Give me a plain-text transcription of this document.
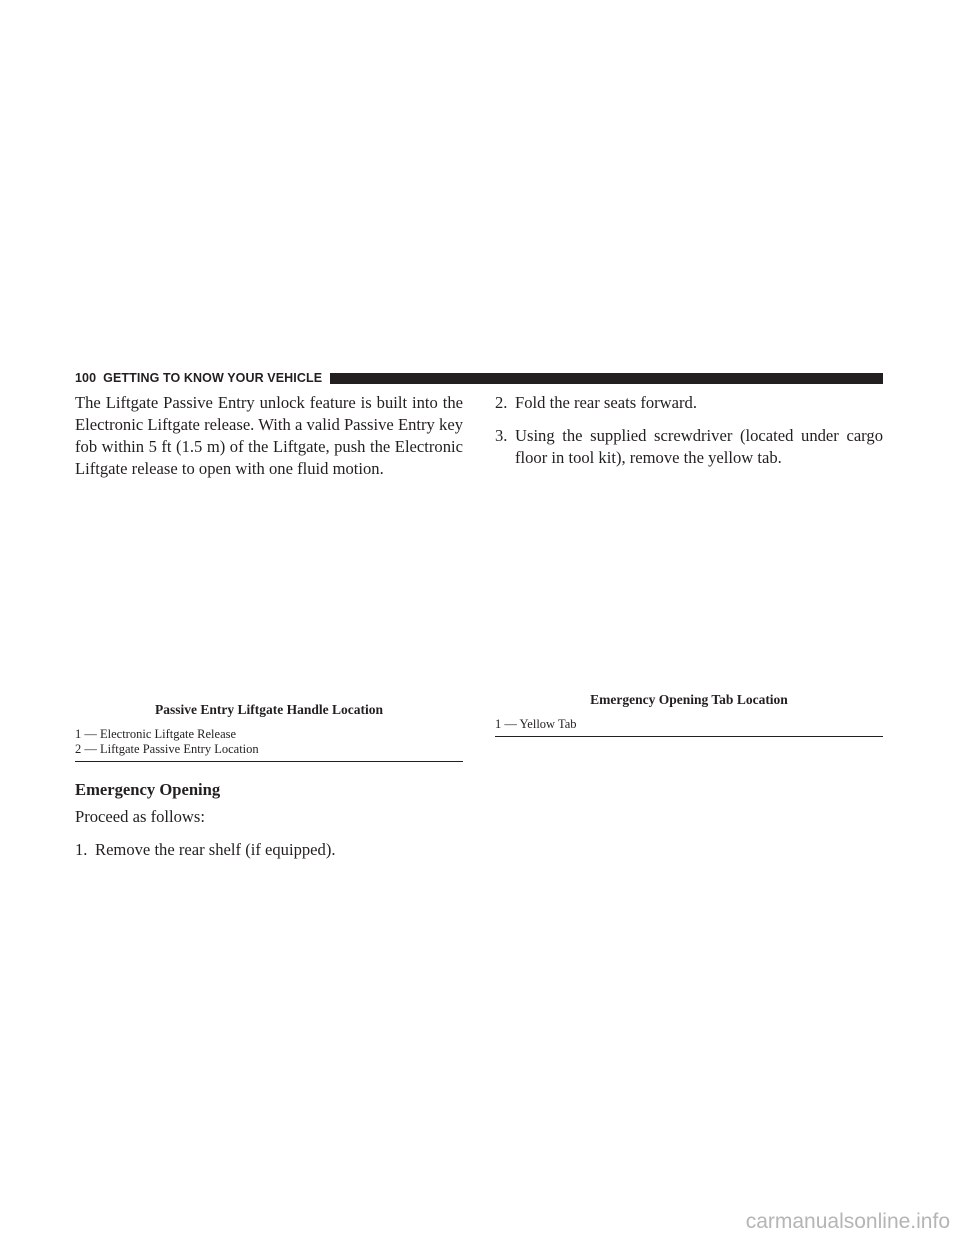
100 GETTING TO KNOW YOUR VEHICLE

The Liftgate Passive Entry unlock feature is built into the Electronic Liftgate release. With a valid Passive Entry key fob within 5 ft (1.5 m) of the Liftgate, push the Electronic Liftgate release to open with one fluid motion.

2. Fold the rear seats forward.
3. Using the supplied screwdriver (located under cargo floor in tool kit), remove the yellow tab.
Passive Entry Liftgate Handle Location
1 — Electronic Liftgate Release
2 — Liftgate Passive Entry Location
Emergency Opening Tab Location
1 — Yellow Tab
Emergency Opening

Proceed as follows:

1. Remove the rear shelf (if equipped).
carmanualsonline.info
